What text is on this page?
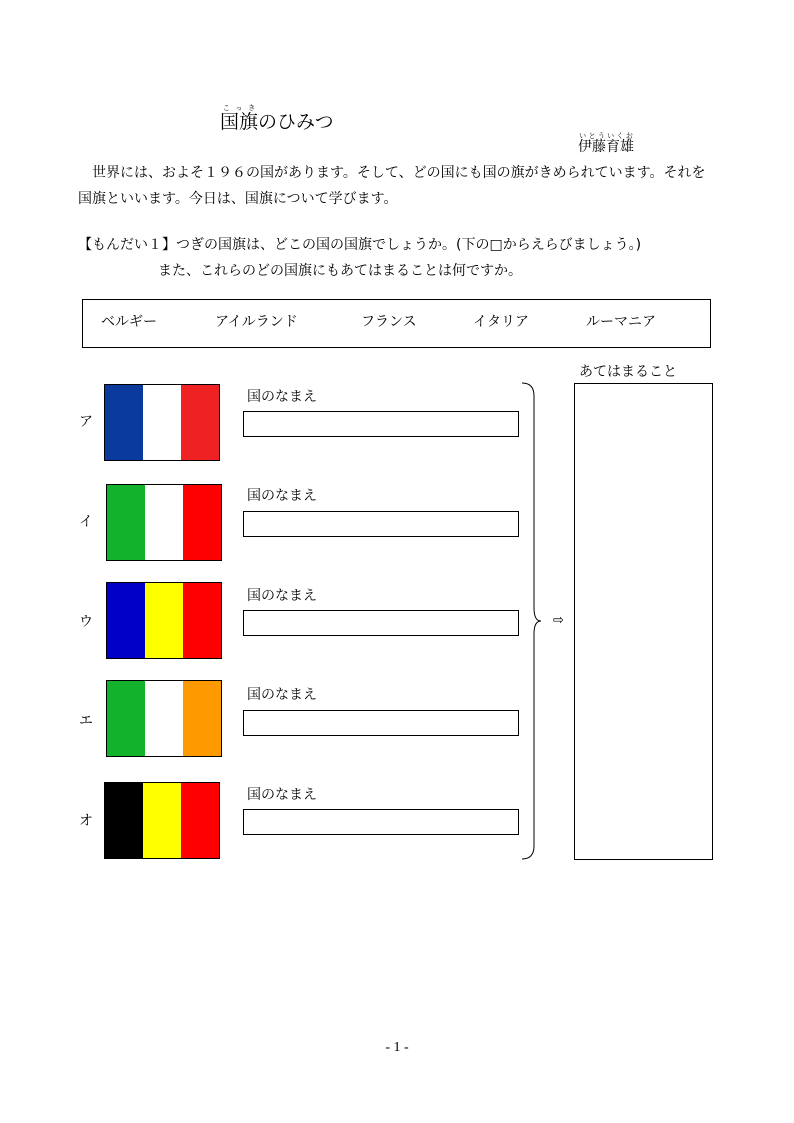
国旗こっきのひみつ
伊藤育雄いとういくお
世界には、およそ１９６の国があります。そして、どの国にも国の旗がきめられています。それを国旗といいます。今日は、国旗について学びます。
【もんだい１】つぎの国旗は、どこの国の国旗でしょうか。(下の□からえらびましょう。)
また、これらのどの国旗にもあてはまることは何ですか。
ベルギー	アイルランド	フランス	イタリア	ルーマニア
ア
国のなまえ
イ
国のなまえ
ウ
国のなまえ
エ
国のなまえ
オ
国のなまえ
⇨
あてはまること
- 1 -
